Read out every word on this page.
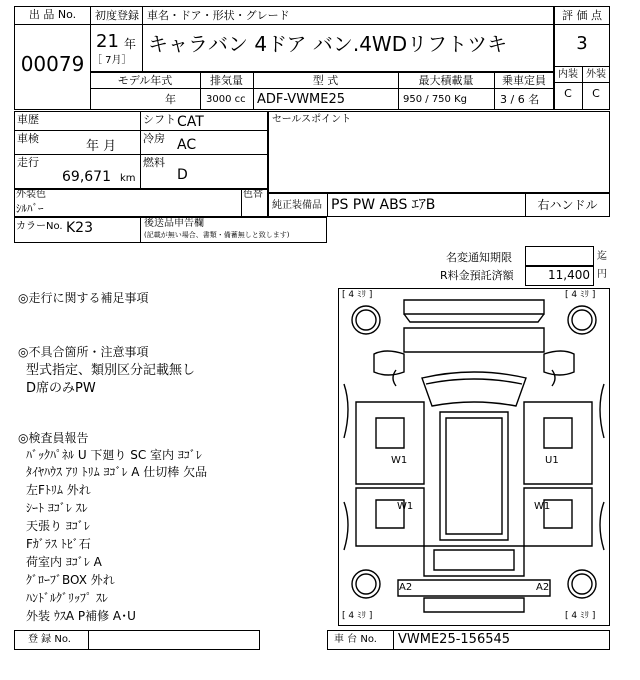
出 品 No.
00079
初度登録 車名・ドア・形状・グレード
21 年
［ 7月］
キャラバン 4ドア バン.4WDリフトツキ
評 価 点
3
内装 外装
C	C
モデル年式	排気量	型 式	最大積載量	乗車定員
年	3000 cc ADF-VWME25	950 / 750 Kg	3 / 6 名
車歴	シフト CAT
車検
年 月
冷房 AC
走行
69,671 km
燃料
D
セールスポイント
外装色
ｼﾙﾊﾞｰ
色替
純正装備品 PS PW ABS ｴｱB	右ハンドル
カラーNo. K23	後送品申告欄
(記載が無い場合、書類・備蓄無しと致します)
名変通知期限	迄
R料金預託済額	11,400 円
◎走行に関する補足事項
◎不具合箇所・注意事項
型式指定、類別区分記載無し
D席のみPW
◎検査員報告
ﾊﾞｯｸﾊﾟﾈﾙ U 下廻り SC 室内 ﾖｺﾞﾚ
ﾀｲﾔﾊｳｽ ｱﾘ ﾄﾘﾑ ﾖｺﾞﾚ A 仕切棒 欠品
左Fﾄﾘﾑ 外れ
ｼｰﾄ ﾖｺﾞﾚ ｽﾚ
天張り ﾖｺﾞﾚ
Fｶﾞﾗｽ ﾄﾋﾞ石
荷室内 ﾖｺﾞﾚ A
ｸﾞﾛｰﾌﾞBOX 外れ
ﾊﾝﾄﾞﾙｸﾞﾘｯﾌﾟ ｽﾚ
外装 ｳｽA P補修 A･U
[ 4 ﾐﾘ ]	[ 4 ﾐﾘ ]
[ 4 ﾐﾘ ]	[ 4 ﾐﾘ ]
W1	U1
W1	W1
A2	A2
登 録 No.	車 台 No. VWME25-156545
